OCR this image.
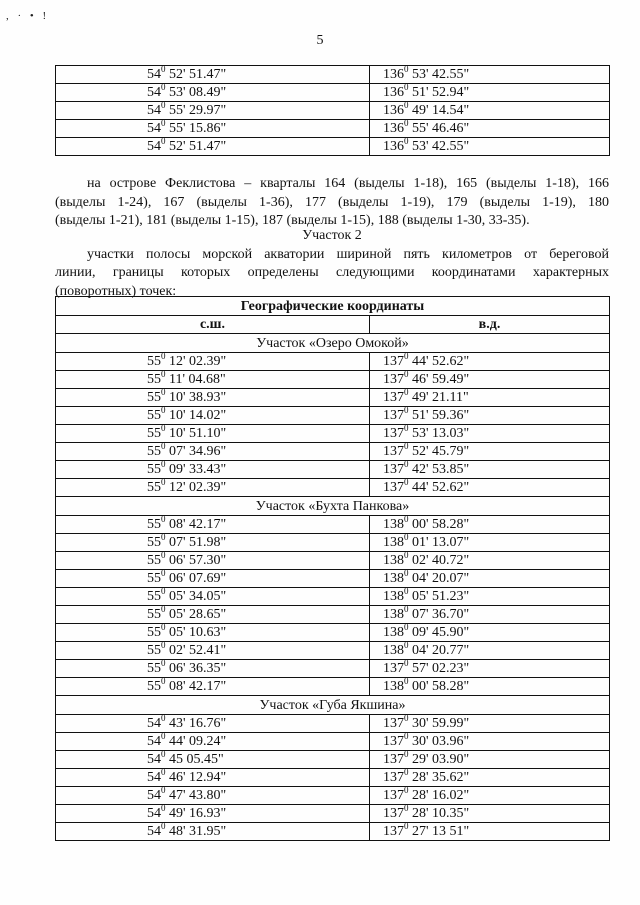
, · • !
5
$54^0$ 52' 51.47"	$136^0$ 53' 42.55"
$54^0$ 53' 08.49"	$136^0$ 51' 52.94"
$54^0$ 55' 29.97"	$136^0$ 49' 14.54"
$54^0$ 55' 15.86"	$136^0$ 55' 46.46"
$54^0$ 52' 51.47"	$136^0$ 53' 42.55"
на острове Феклистова – кварталы 164 (выделы 1-18), 165 (выделы 1-18), 166
(выделы 1-24), 167 (выделы 1-36), 177 (выделы 1-19), 179 (выделы 1-19), 180
(выделы 1-21), 181 (выделы 1-15), 187 (выделы 1-15), 188 (выделы 1-30, 33-35).
Участок 2
участки полосы морской акватории шириной пять километров от береговой
линии, границы которых определены следующими координатами характерных
(поворотных) точек:
Географические координаты	
с.ш.	в.д.
Участок «Озеро Омокой»	
$55^0$ 12' 02.39"	$137^0$ 44' 52.62"
$55^0$ 11' 04.68"	$137^0$ 46' 59.49"
$55^0$ 10' 38.93"	$137^0$ 49' 21.11"
$55^0$ 10' 14.02"	$137^0$ 51' 59.36"
$55^0$ 10' 51.10"	$137^0$ 53' 13.03"
$55^0$ 07' 34.96"	$137^0$ 52' 45.79"
$55^0$ 09' 33.43"	$137^0$ 42' 53.85"
$55^0$ 12' 02.39"	$137^0$ 44' 52.62"
Участок «Бухта Панкова»	
$55^0$ 08' 42.17"	$138^0$ 00' 58.28"
$55^0$ 07' 51.98"	$138^0$ 01' 13.07"
$55^0$ 06' 57.30"	$138^0$ 02' 40.72"
$55^0$ 06' 07.69"	$138^0$ 04' 20.07"
$55^0$ 05' 34.05"	$138^0$ 05' 51.23"
$55^0$ 05' 28.65"	$138^0$ 07' 36.70"
$55^0$ 05' 10.63"	$138^0$ 09' 45.90"
$55^0$ 02' 52.41"	$138^0$ 04' 20.77"
$55^0$ 06' 36.35"	$137^0$ 57' 02.23"
$55^0$ 08' 42.17"	$138^0$ 00' 58.28"
Участок «Губа Якшина»	
$54^0$ 43' 16.76"	$137^0$ 30' 59.99"
$54^0$ 44' 09.24"	$137^0$ 30' 03.96"
$54^0$ 45 05.45"	$137^0$ 29' 03.90"
$54^0$ 46' 12.94"	$137^0$ 28' 35.62"
$54^0$ 47' 43.80"	$137^0$ 28' 16.02"
$54^0$ 49' 16.93"	$137^0$ 28' 10.35"
$54^0$ 48' 31.95"	$137^0$ 27' 13 51"
